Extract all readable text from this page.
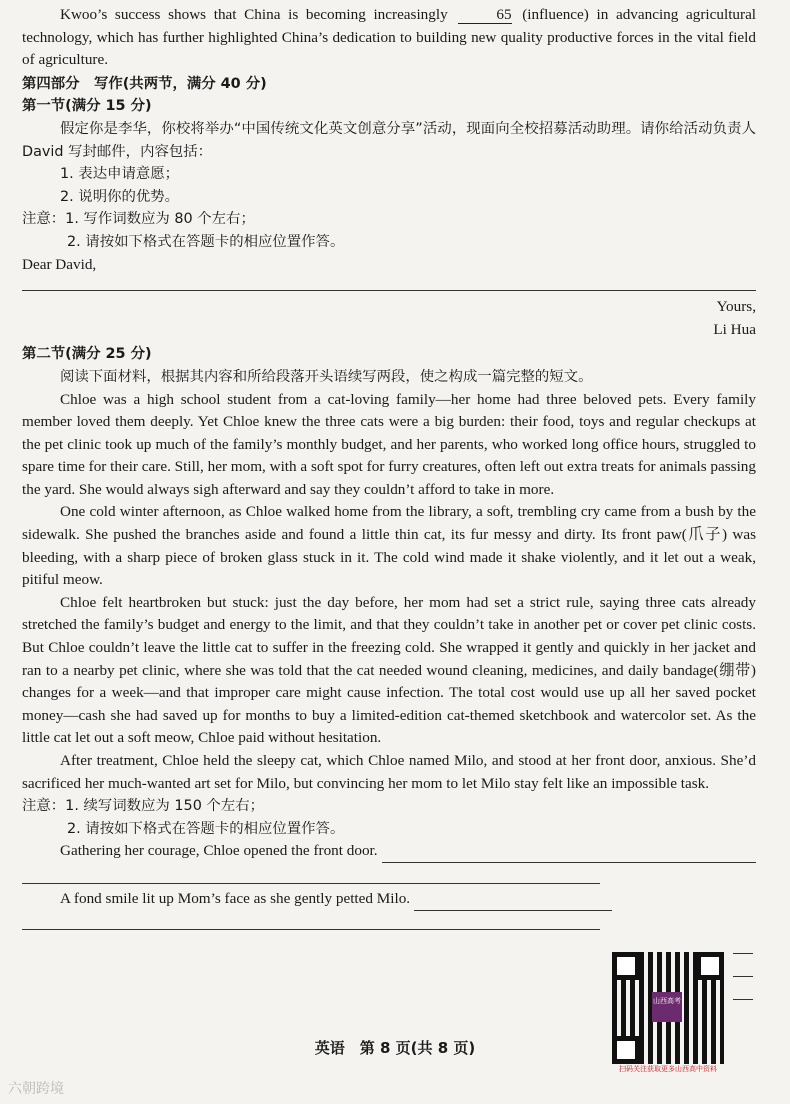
Kwoo’s success shows that China is becoming increasingly	65 (influence) in advancing agricultural technology, which has further highlighted China’s dedication to building new quality productive forces in the vital field of agriculture.

第四部分　写作(共两节，满分 40 分)

第一节(满分 15 分)

假定你是李华，你校将举办“中国传统文化英文创意分享”活动，现面向全校招募活动助理。请你给活动负责人 David 写封邮件，内容包括：

1. 表达申请意愿；

2. 说明你的优势。

注意：1. 写作词数应为 80 个左右；

2. 请按如下格式在答题卡的相应位置作答。

Dear David,

Yours,

Li Hua

第二节(满分 25 分)

阅读下面材料，根据其内容和所给段落开头语续写两段，使之构成一篇完整的短文。

Chloe was a high school student from a cat-loving family—her home had three beloved pets. Every family member loved them deeply. Yet Chloe knew the three cats were a big burden: their food, toys and regular checkups at the pet clinic took up much of the family’s monthly budget, and her parents, who worked long office hours, struggled to spare time for their care. Still, her mom, with a soft spot for furry creatures, often left out extra treats for animals passing the yard. She would always sigh afterward and say they couldn’t afford to take in more.

One cold winter afternoon, as Chloe walked home from the library, a soft, trembling cry came from a bush by the sidewalk. She pushed the branches aside and found a little thin cat, its fur messy and dirty. Its front paw(爪子) was bleeding, with a sharp piece of broken glass stuck in it. The cold wind made it shake violently, and it let out a weak, pitiful meow.

Chloe felt heartbroken but stuck: just the day before, her mom had set a strict rule, saying three cats already stretched the family’s budget and energy to the limit, and that they couldn’t take in another pet or cover pet clinic costs. But Chloe couldn’t leave the little cat to suffer in the freezing cold. She wrapped it gently and quickly in her jacket and ran to a nearby pet clinic, where she was told that the cat needed wound cleaning, medicines, and daily bandage(绷带) changes for a week—and that improper care might cause infection. The total cost would use up all her saved pocket money—cash she had saved up for months to buy a limited-edition cat-themed sketchbook and watercolor set. As the little cat let out a soft meow, Chloe paid without hesitation.

After treatment, Chloe held the sleepy cat, which Chloe named Milo, and stood at her front door, anxious. She’d sacrificed her much-wanted art set for Milo, but convincing her mom to let Milo stay felt like an impossible task.

注意：1. 续写词数应为 150 个左右；

2. 请按如下格式在答题卡的相应位置作答。

Gathering her courage, Chloe opened the front door.
A fond smile lit up Mom’s face as she gently petted Milo.
英语　第 8 页(共 8 页)
山西高考
扫码关注获取更多山西高中资料
六朝跨境
